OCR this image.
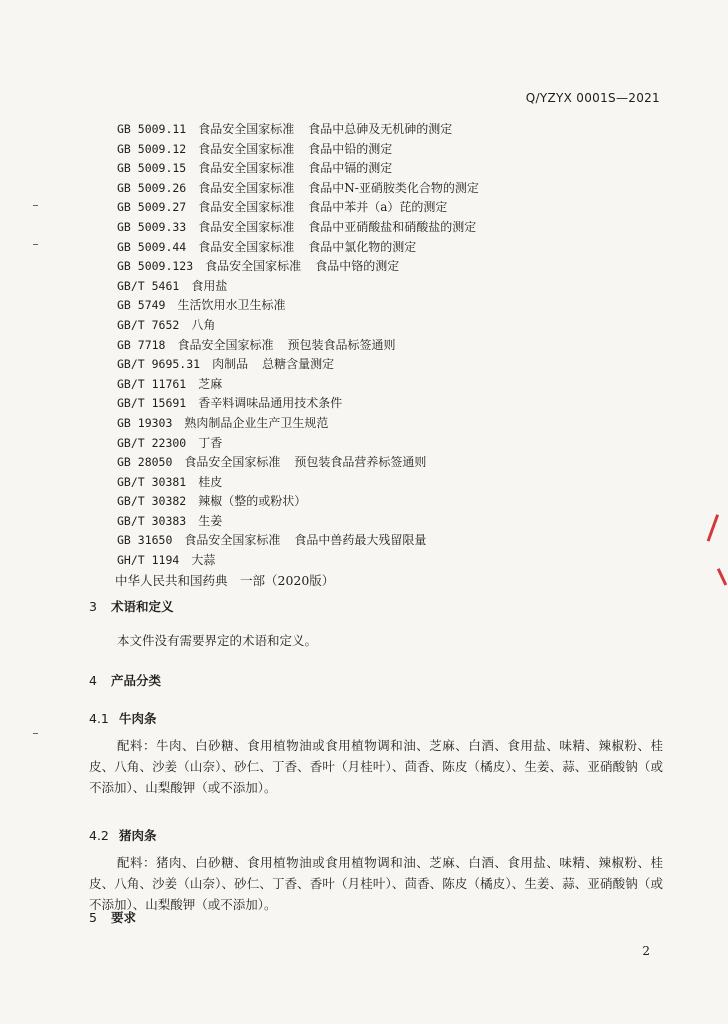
Q/YZYX 0001S—2021
GB 5009.11 食品安全国家标准 食品中总砷及无机砷的测定
GB 5009.12 食品安全国家标准 食品中铅的测定
GB 5009.15 食品安全国家标准 食品中镉的测定
GB 5009.26 食品安全国家标准 食品中N-亚硝胺类化合物的测定
GB 5009.27 食品安全国家标准 食品中苯并（a）芘的测定
GB 5009.33 食品安全国家标准 食品中亚硝酸盐和硝酸盐的测定
GB 5009.44 食品安全国家标准 食品中氯化物的测定
GB 5009.123 食品安全国家标准 食品中铬的测定
GB/T 5461 食用盐
GB 5749 生活饮用水卫生标准
GB/T 7652 八角
GB 7718 食品安全国家标准 预包装食品标签通则
GB/T 9695.31 肉制品 总糖含量测定
GB/T 11761 芝麻
GB/T 15691 香辛料调味品通用技术条件
GB 19303 熟肉制品企业生产卫生规范
GB/T 22300 丁香
GB 28050 食品安全国家标准 预包装食品营养标签通则
GB/T 30381 桂皮
GB/T 30382 辣椒（整的或粉状）
GB/T 30383 生姜
GB 31650 食品安全国家标准 食品中兽药最大残留限量
GH/T 1194 大蒜
中华人民共和国药典　一部（2020版）
3 术语和定义
本文件没有需要界定的术语和定义。
4 产品分类
4.1 牛肉条
配料：牛肉、白砂糖、食用植物油或食用植物调和油、芝麻、白酒、食用盐、味精、辣椒粉、桂皮、八角、沙姜（山奈）、砂仁、丁香、香叶（月桂叶）、茴香、陈皮（橘皮）、生姜、蒜、亚硝酸钠（或不添加）、山梨酸钾（或不添加）。
4.2 猪肉条
配料：猪肉、白砂糖、食用植物油或食用植物调和油、芝麻、白酒、食用盐、味精、辣椒粉、桂皮、八角、沙姜（山奈）、砂仁、丁香、香叶（月桂叶）、茴香、陈皮（橘皮）、生姜、蒜、亚硝酸钠（或不添加）、山梨酸钾（或不添加）。
5 要求
2
